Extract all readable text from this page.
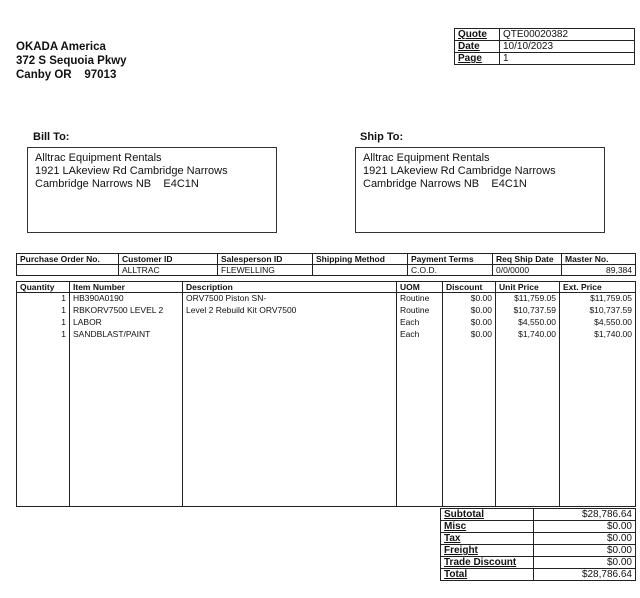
OKADA America
372 S Sequoia Pkwy
Canby OR    97013
Quote	QTE00020382
Date	10/10/2023
Page	1
Bill To:
Alltrac Equipment Rentals
1921 LAkeview Rd Cambridge Narrows
Cambridge Narrows NB    E4C1N
Ship To:
Alltrac Equipment Rentals
1921 LAkeview Rd Cambridge Narrows
Cambridge Narrows NB    E4C1N
Purchase Order No.	Customer ID	Salesperson ID	Shipping Method	Payment Terms	Req Ship Date	Master No.
	ALLTRAC	FLEWELLING		C.O.D.	0/0/0000	89,384
Quantity	Item Number	Description	UOM	Discount	Unit Price	Ext. Price
1	HB390A0190	ORV7500 Piston SN-	Routine	$0.00	$11,759.05	$11,759.05
1	RBKORV7500 LEVEL 2	Level 2 Rebuild Kit ORV7500	Routine	$0.00	$10,737.59	$10,737.59
1	LABOR		Each	$0.00	$4,550.00	$4,550.00
1	SANDBLAST/PAINT		Each	$0.00	$1,740.00	$1,740.00

Subtotal	$28,786.64
Misc	$0.00
Tax	$0.00
Freight	$0.00
Trade Discount	$0.00
Total	$28,786.64
